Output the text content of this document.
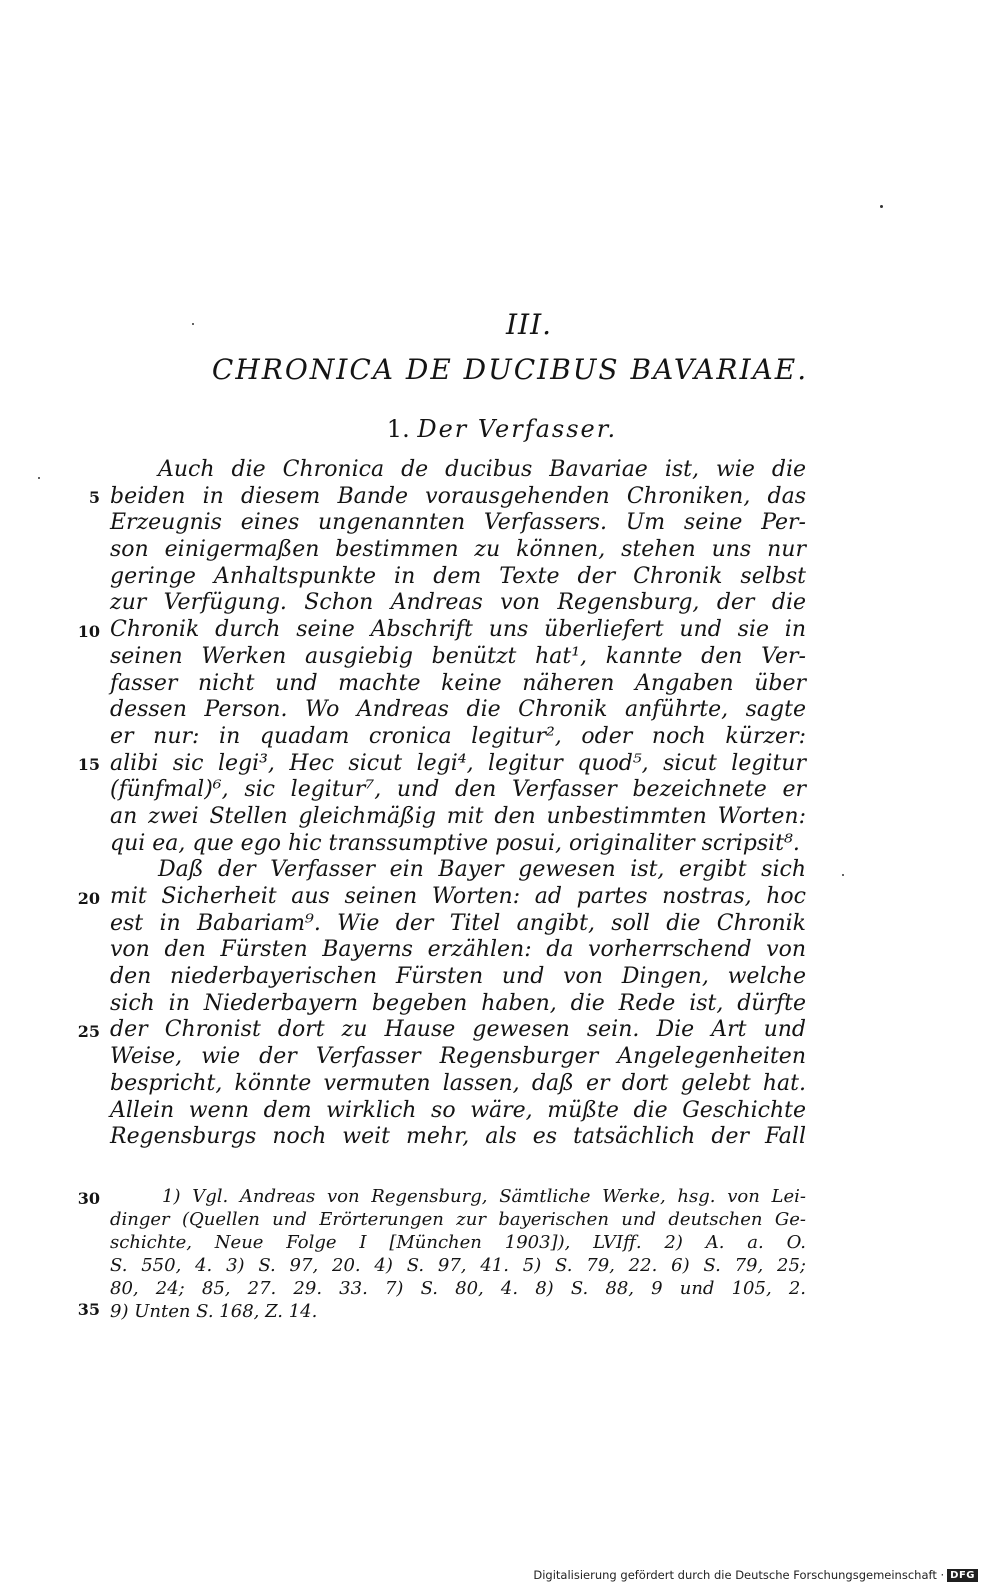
III.
CHRONICA DE DUCIBUS BAVARIAE.
1. Der Verfasser.
5
10
15
20
25
30
35
Auch die Chronica de ducibus Bavariae ist, wie die
beiden in diesem Bande vorausgehenden Chroniken, das
Erzeugnis eines ungenannten Verfassers. Um seine Per-
son einigermaßen bestimmen zu können, stehen uns nur
geringe Anhaltspunkte in dem Texte der Chronik selbst
zur Verfügung. Schon Andreas von Regensburg, der die
Chronik durch seine Abschrift uns überliefert und sie in
seinen Werken ausgiebig benützt hat¹, kannte den Ver-
fasser nicht und machte keine näheren Angaben über
dessen Person. Wo Andreas die Chronik anführte, sagte
er nur: in quadam cronica legitur², oder noch kürzer:
alibi sic legi³, Hec sicut legi⁴, legitur quod⁵, sicut legitur
(fünfmal)⁶, sic legitur⁷, und den Verfasser bezeichnete er
an zwei Stellen gleichmäßig mit den unbestimmten Worten:
qui ea, que ego hic transsumptive posui, originaliter scripsit⁸.
Daß der Verfasser ein Bayer gewesen ist, ergibt sich
mit Sicherheit aus seinen Worten: ad partes nostras, hoc
est in Babariam⁹. Wie der Titel angibt, soll die Chronik
von den Fürsten Bayerns erzählen: da vorherrschend von
den niederbayerischen Fürsten und von Dingen, welche
sich in Niederbayern begeben haben, die Rede ist, dürfte
der Chronist dort zu Hause gewesen sein. Die Art und
Weise, wie der Verfasser Regensburger Angelegenheiten
bespricht, könnte vermuten lassen, daß er dort gelebt hat.
Allein wenn dem wirklich so wäre, müßte die Geschichte
Regensburgs noch weit mehr, als es tatsächlich der Fall
1) Vgl. Andreas von Regensburg, Sämtliche Werke, hsg. von Lei-
dinger (Quellen und Erörterungen zur bayerischen und deutschen Ge-
schichte, Neue Folge I [München 1903]), LVIff. 2) A. a. O.
S. 550, 4. 3) S. 97, 20. 4) S. 97, 41. 5) S. 79, 22. 6) S. 79, 25;
80, 24; 85, 27. 29. 33. 7) S. 80, 4. 8) S. 88, 9 und 105, 2.
9) Unten S. 168, Z. 14.
Digitalisierung gefördert durch die Deutsche Forschungsgemeinschaft · DFG
